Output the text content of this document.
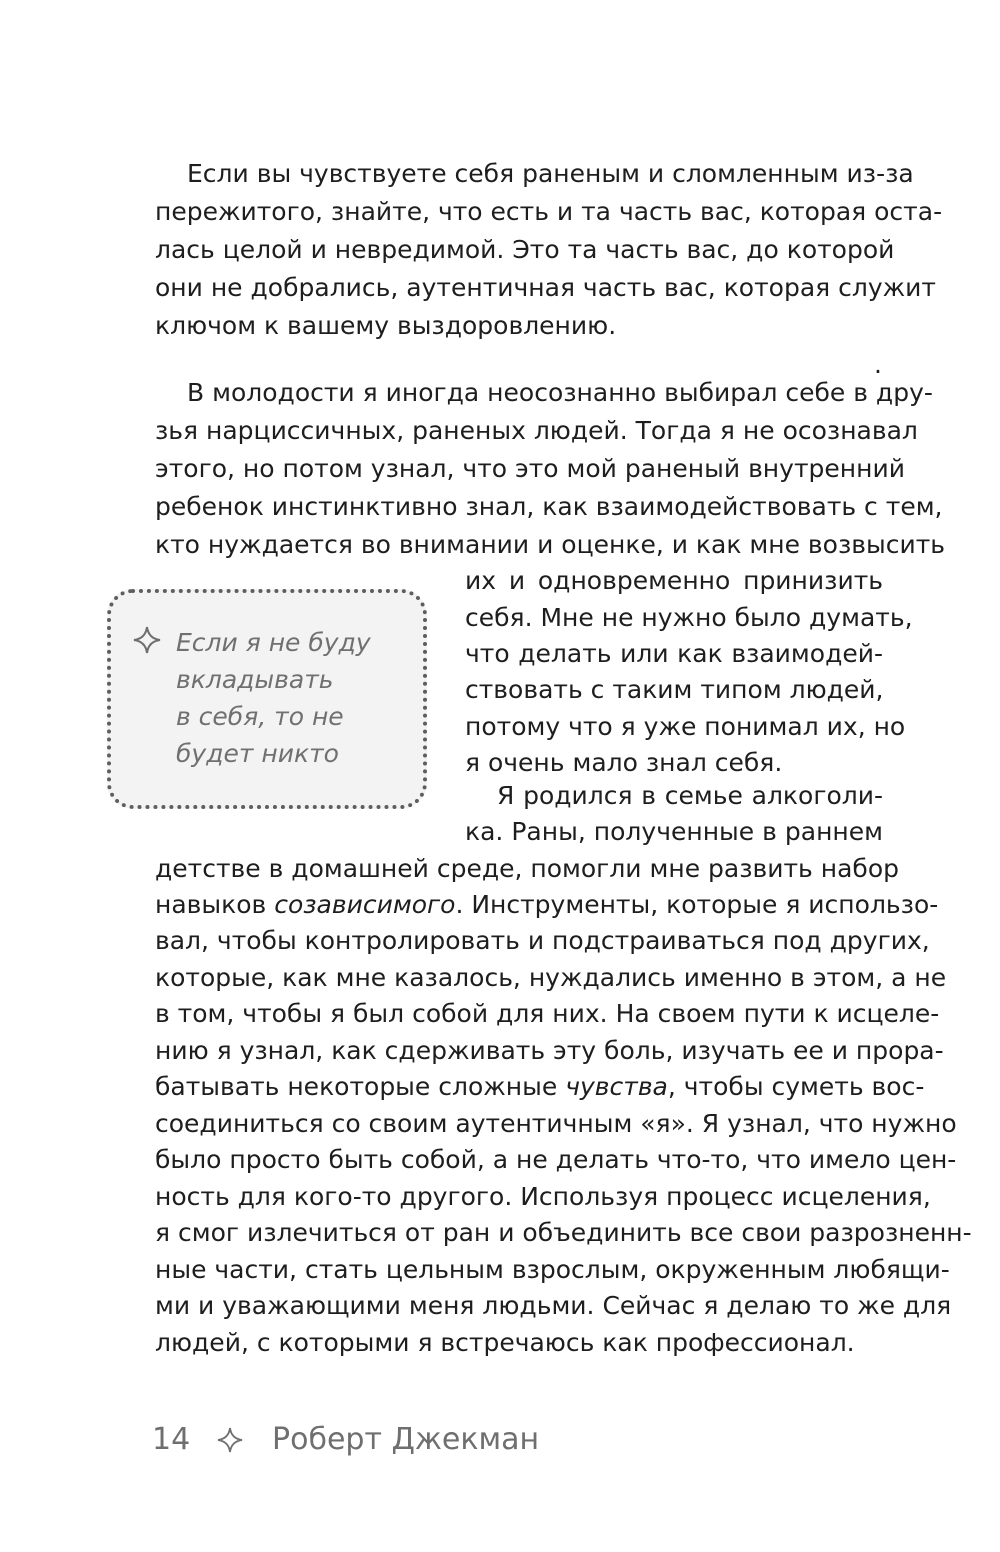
Если вы чувствуете себя раненым и сломленным из-за
пережитого, знайте, что есть и та часть вас, которая оста-
лась целой и невредимой. Это та часть вас, до которой
они не добрались, аутентичная часть вас, которая служит
ключом к вашему выздоровлению.
.
В молодости я иногда неосознанно выбирал себе в дру-
зья нарциссичных, раненых людей. Тогда я не осознавал
этого, но потом узнал, что это мой раненый внутренний
ребенок инстинктивно знал, как взаимодействовать с тем,
кто нуждается во внимании и оценке, и как мне возвысить
их и одновременно принизить
себя. Мне не нужно было думать,
что делать или как взаимодей-
ствовать с таким типом людей,
потому что я уже понимал их, но
я очень мало знал себя.
Если я не буду
вкладывать
в себя, то не
будет никто
Я родился в семье алкоголи-
ка. Раны, полученные в раннем
детстве в домашней среде, помогли мне развить набор
навыков созависимого. Инструменты, которые я использо-
вал, чтобы контролировать и подстраиваться под других,
которые, как мне казалось, нуждались именно в этом, а не
в том, чтобы я был собой для них. На своем пути к исцеле-
нию я узнал, как сдерживать эту боль, изучать ее и прора-
батывать некоторые сложные чувства, чтобы суметь вос-
соединиться со своим аутентичным «я». Я узнал, что нужно
было просто быть собой, а не делать что-то, что имело цен-
ность для кого-то другого. Используя процесс исцеления,
я смог излечиться от ран и объединить все свои разрозненн-
ные части, стать цельным взрослым, окруженным любящи-
ми и уважающими меня людьми. Сейчас я делаю то же для
людей, с которыми я встречаюсь как профессионал.
14	Роберт Джекман
